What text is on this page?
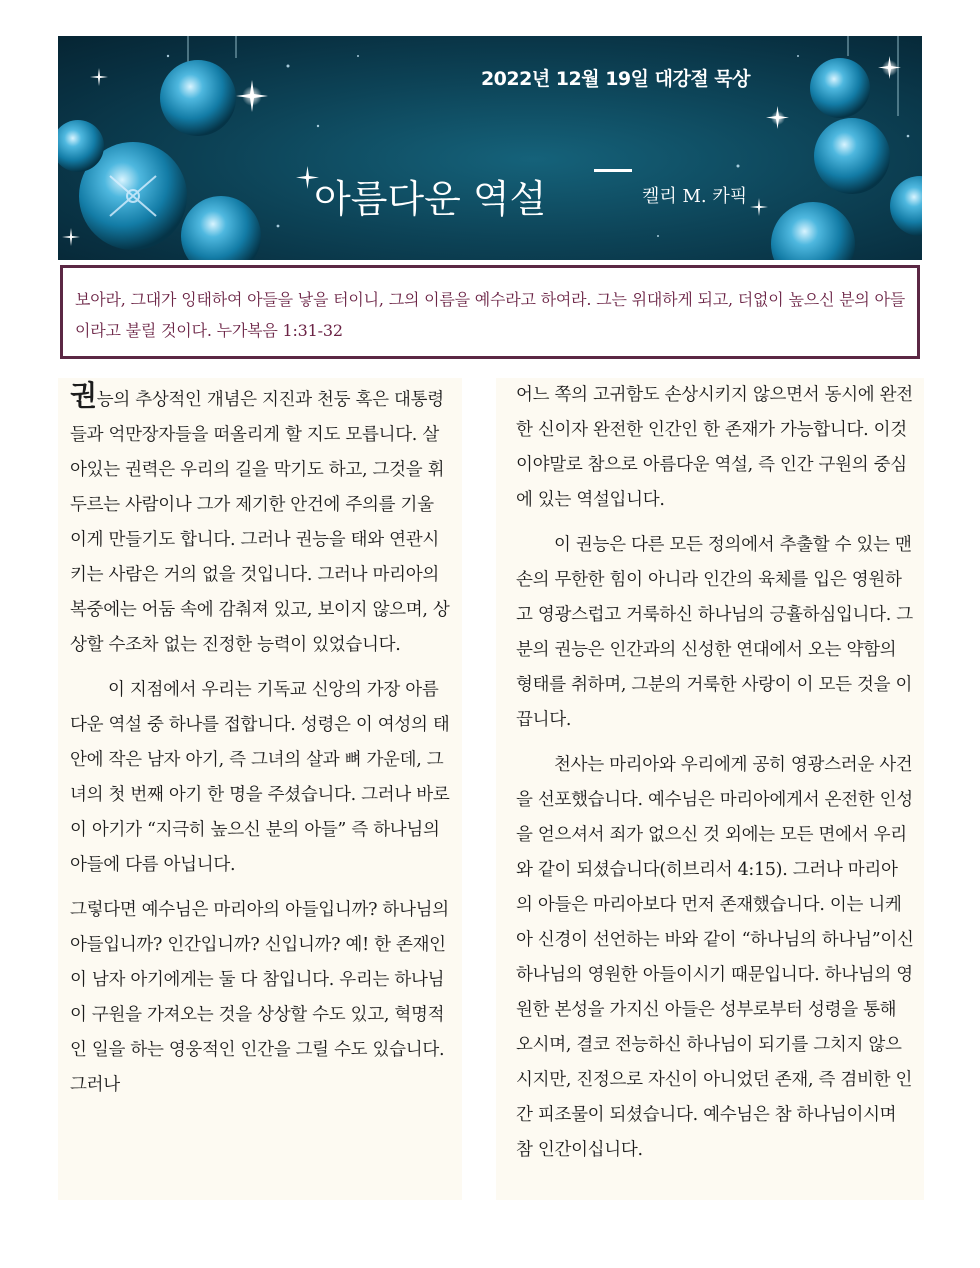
2022년 12월 19일 대강절 묵상
아름다운 역설	켈리 M. 카픽

보아라, 그대가 잉태하여 아들을 낳을 터이니, 그의 이름을 예수라고 하여라. 그는 위대하게 되고, 더없이 높으신 분의 아들이라고 불릴 것이다. 누가복음 1:31-32

권능의 추상적인 개념은 지진과 천둥 혹은 대통령들과 억만장자들을 떠올리게 할 지도 모릅니다. 살아있는 권력은 우리의 길을 막기도 하고, 그것을 휘두르는 사람이나 그가 제기한 안건에 주의를 기울이게 만들기도 합니다. 그러나 권능을 태와 연관시키는 사람은 거의 없을 것입니다. 그러나 마리아의 복중에는 어둠 속에 감춰져 있고, 보이지 않으며, 상상할 수조차 없는 진정한 능력이 있었습니다.

이 지점에서 우리는 기독교 신앙의 가장 아름다운 역설 중 하나를 접합니다. 성령은 이 여성의 태 안에 작은 남자 아기, 즉 그녀의 살과 뼈 가운데, 그녀의 첫 번째 아기 한 명을 주셨습니다. 그러나 바로 이 아기가 “지극히 높으신 분의 아들” 즉 하나님의 아들에 다름 아닙니다.

그렇다면 예수님은 마리아의 아들입니까? 하나님의 아들입니까? 인간입니까? 신입니까? 예! 한 존재인 이 남자 아기에게는 둘 다 참입니다. 우리는 하나님이 구원을 가져오는 것을 상상할 수도 있고, 혁명적인 일을 하는 영웅적인 인간을 그릴 수도 있습니다. 그러나

어느 쪽의 고귀함도 손상시키지 않으면서 동시에 완전한 신이자 완전한 인간인 한 존재가 가능합니다. 이것이야말로 참으로 아름다운 역설, 즉 인간 구원의 중심에 있는 역설입니다.

이 권능은 다른 모든 정의에서 추출할 수 있는 맨손의 무한한 힘이 아니라 인간의 육체를 입은 영원하고 영광스럽고 거룩하신 하나님의 긍휼하심입니다. 그분의 권능은 인간과의 신성한 연대에서 오는 약함의 형태를 취하며, 그분의 거룩한 사랑이 이 모든 것을 이끕니다.

천사는 마리아와 우리에게 공히 영광스러운 사건을 선포했습니다. 예수님은 마리아에게서 온전한 인성을 얻으셔서 죄가 없으신 것 외에는 모든 면에서 우리와 같이 되셨습니다(히브리서 4:15). 그러나 마리아의 아들은 마리아보다 먼저 존재했습니다. 이는 니케아 신경이 선언하는 바와 같이 “하나님의 하나님”이신 하나님의 영원한 아들이시기 때문입니다. 하나님의 영원한 본성을 가지신 아들은 성부로부터 성령을 통해 오시며, 결코 전능하신 하나님이 되기를 그치지 않으시지만, 진정으로 자신이 아니었던 존재, 즉 겸비한 인간 피조물이 되셨습니다. 예수님은 참 하나님이시며 참 인간이십니다.
